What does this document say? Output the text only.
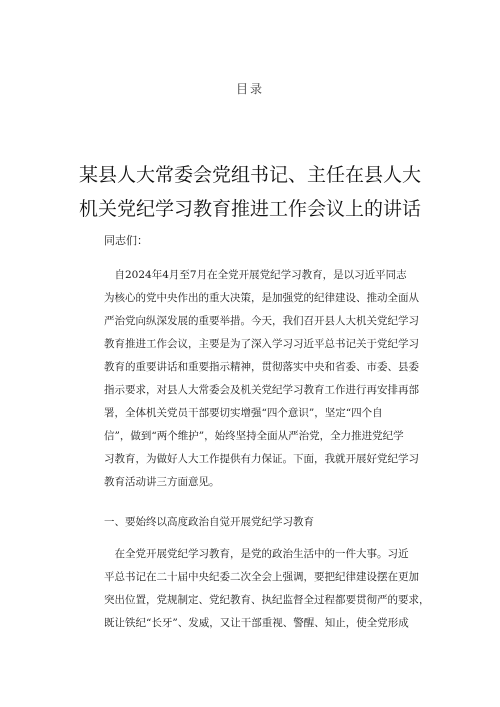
目录
某县人大常委会党组书记、主任在县人大
机关党纪学习教育推进工作会议上的讲话
同志们：
　自2024年4月至7月在全党开展党纪学习教育，是以习近平同志
为核心的党中央作出的重大决策，是加强党的纪律建设、推动全面从
严治党向纵深发展的重要举措。今天，我们召开县人大机关党纪学习
教育推进工作会议，主要是为了深入学习习近平总书记关于党纪学习
教育的重要讲话和重要指示精神，贯彻落实中央和省委、市委、县委
指示要求，对县人大常委会及机关党纪学习教育工作进行再安排再部
署，全体机关党员干部要切实增强“四个意识”，坚定“四个自
信”，做到“两个维护”，始终坚持全面从严治党，全力推进党纪学
习教育，为做好人大工作提供有力保证。下面，我就开展好党纪学习
教育活动讲三方面意见。
一、要始终以高度政治自觉开展党纪学习教育
　在全党开展党纪学习教育，是党的政治生活中的一件大事。习近
平总书记在二十届中央纪委二次全会上强调，要把纪律建设摆在更加
突出位置，党规制定、党纪教育、执纪监督全过程都要贯彻严的要求，
既让铁纪“长牙”、发威，又让干部重视、警醒、知止，使全党形成
